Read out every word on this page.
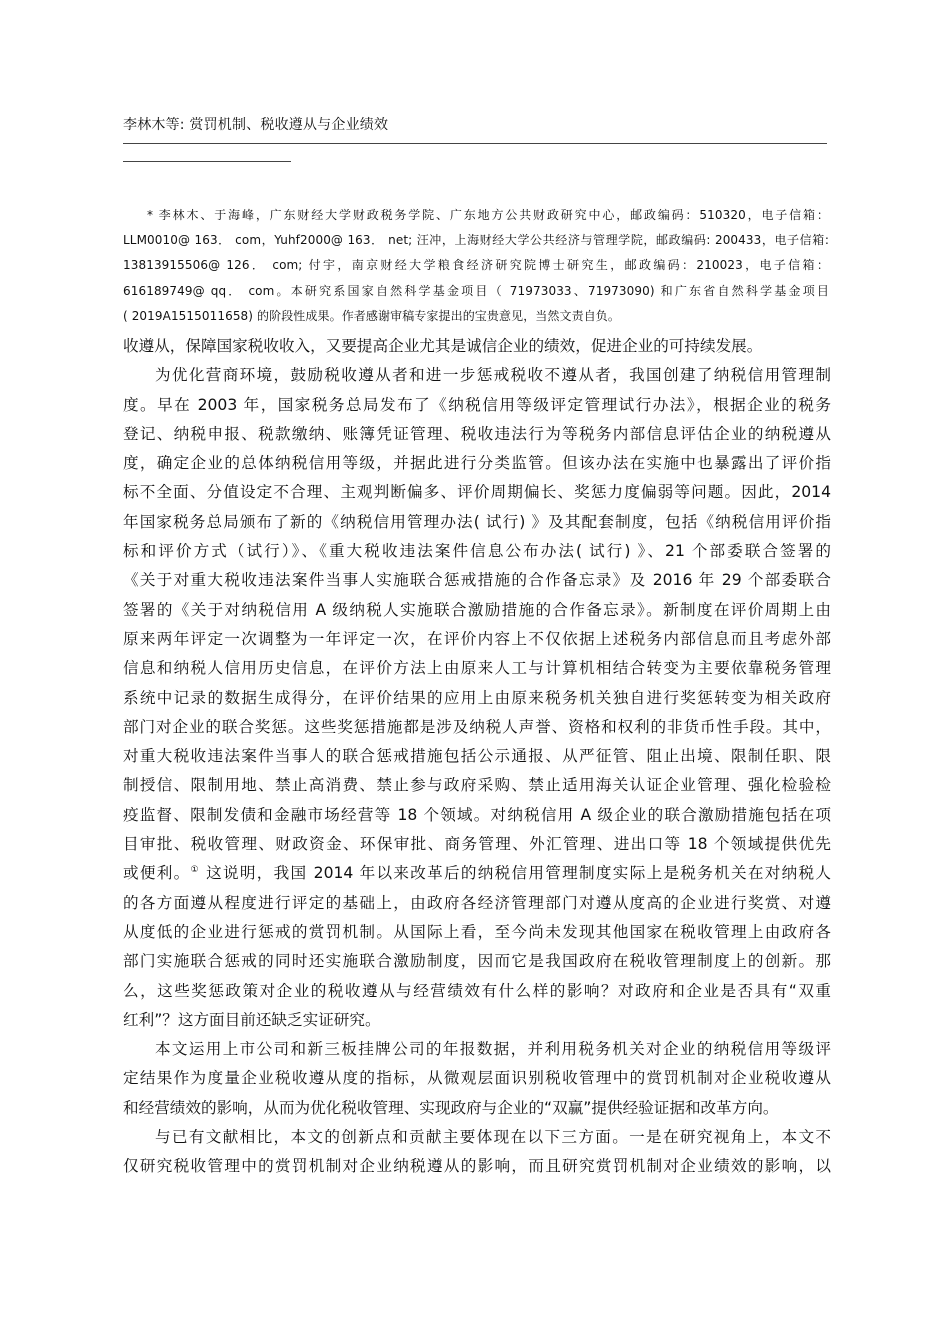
李林木等: 赏罚机制、税收遵从与企业绩效
* 李林木、于海峰，广东财经大学财政税务学院、广东地方公共财政研究中心，邮政编码：510320，电子信箱：
LLM0010@ 163． com，Yuhf2000@ 163． net; 汪冲，上海财经大学公共经济与管理学院，邮政编码: 200433，电子信箱:
13813915506@ 126． com; 付宇，南京财经大学粮食经济研究院博士研究生，邮政编码：210023，电子信箱：
616189749@ qq． com。本研究系国家自然科学基金项目（ 71973033、71973090) 和广东省自然科学基金项目
( 2019A1515011658) 的阶段性成果。作者感谢审稿专家提出的宝贵意见，当然文责自负。
收遵从，保障国家税收收入，又要提高企业尤其是诚信企业的绩效，促进企业的可持续发展。
为优化营商环境，鼓励税收遵从者和进一步惩戒税收不遵从者，我国创建了纳税信用管理制
度。早在 2003 年，国家税务总局发布了《纳税信用等级评定管理试行办法》，根据企业的税务
登记、纳税申报、税款缴纳、账簿凭证管理、税收违法行为等税务内部信息评估企业的纳税遵从
度，确定企业的总体纳税信用等级，并据此进行分类监管。但该办法在实施中也暴露出了评价指
标不全面、分值设定不合理、主观判断偏多、评价周期偏长、奖惩力度偏弱等问题。因此，2014
年国家税务总局颁布了新的《纳税信用管理办法( 试行) 》及其配套制度，包括《纳税信用评价指
标和评价方式（试行）》、《重大税收违法案件信息公布办法( 试行) 》、21 个部委联合签署的
《关于对重大税收违法案件当事人实施联合惩戒措施的合作备忘录》及 2016 年 29 个部委联合
签署的《关于对纳税信用 A 级纳税人实施联合激励措施的合作备忘录》。新制度在评价周期上由
原来两年评定一次调整为一年评定一次，在评价内容上不仅依据上述税务内部信息而且考虑外部
信息和纳税人信用历史信息，在评价方法上由原来人工与计算机相结合转变为主要依靠税务管理
系统中记录的数据生成得分，在评价结果的应用上由原来税务机关独自进行奖惩转变为相关政府
部门对企业的联合奖惩。这些奖惩措施都是涉及纳税人声誉、资格和权利的非货币性手段。其中，
对重大税收违法案件当事人的联合惩戒措施包括公示通报、从严征管、阻止出境、限制任职、限
制授信、限制用地、禁止高消费、禁止参与政府采购、禁止适用海关认证企业管理、强化检验检
疫监督、限制发债和金融市场经营等 18 个领域。对纳税信用 A 级企业的联合激励措施包括在项
目审批、税收管理、财政资金、环保审批、商务管理、外汇管理、进出口等 18 个领域提供优先
或便利。① 这说明，我国 2014 年以来改革后的纳税信用管理制度实际上是税务机关在对纳税人
的各方面遵从程度进行评定的基础上，由政府各经济管理部门对遵从度高的企业进行奖赏、对遵
从度低的企业进行惩戒的赏罚机制。从国际上看，至今尚未发现其他国家在税收管理上由政府各
部门实施联合惩戒的同时还实施联合激励制度，因而它是我国政府在税收管理制度上的创新。那
么，这些奖惩政策对企业的税收遵从与经营绩效有什么样的影响？对政府和企业是否具有“双重
红利”？这方面目前还缺乏实证研究。
本文运用上市公司和新三板挂牌公司的年报数据，并利用税务机关对企业的纳税信用等级评
定结果作为度量企业税收遵从度的指标，从微观层面识别税收管理中的赏罚机制对企业税收遵从
和经营绩效的影响，从而为优化税收管理、实现政府与企业的“双赢”提供经验证据和改革方向。
与已有文献相比，本文的创新点和贡献主要体现在以下三方面。一是在研究视角上，本文不
仅研究税收管理中的赏罚机制对企业纳税遵从的影响，而且研究赏罚机制对企业绩效的影响，以
